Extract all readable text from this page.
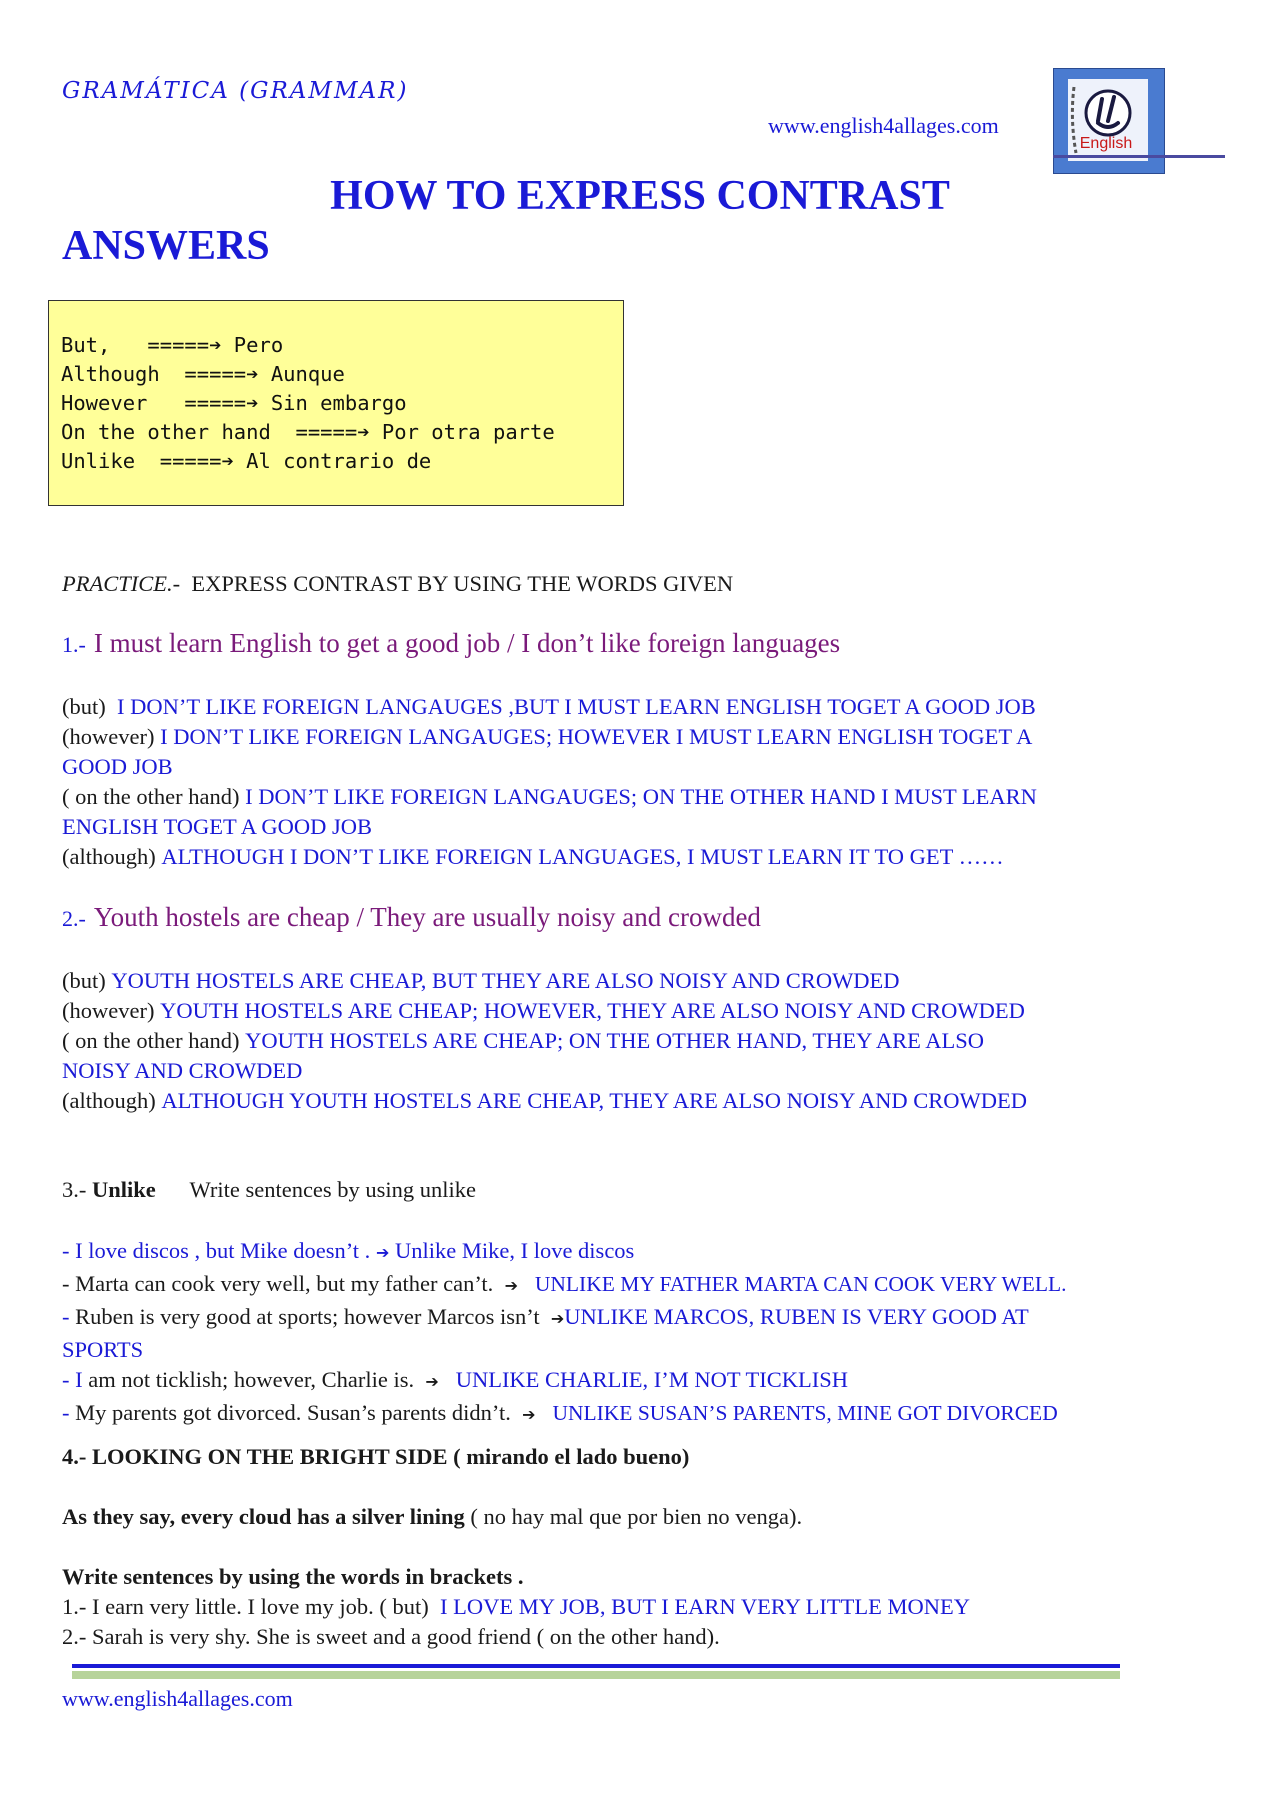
GRAMÁTICA (GRAMMAR)
www.english4allages.com
English
HOW TO EXPRESS CONTRAST
ANSWERS
But,   =====➔ Pero
Although  =====➔ Aunque
However   =====➔ Sin embargo
On the other hand  =====➔ Por otra parte
Unlike  =====➔ Al contrario de
PRACTICE.- EXPRESS CONTRAST BY USING THE WORDS GIVEN
1.- I must learn English to get a good job / I don’t like foreign languages
(but) I DON’T LIKE FOREIGN LANGAUGES ,BUT I MUST LEARN ENGLISH TOGET A GOOD JOB
(however) I DON’T LIKE FOREIGN LANGAUGES; HOWEVER I MUST LEARN ENGLISH TOGET A
GOOD JOB
( on the other hand) I DON’T LIKE FOREIGN LANGAUGES; ON THE OTHER HAND I MUST LEARN
ENGLISH TOGET A GOOD JOB
(although) ALTHOUGH I DON’T LIKE FOREIGN LANGUAGES, I MUST LEARN IT TO GET ……
2.- Youth hostels are cheap / They are usually noisy and crowded
(but) YOUTH HOSTELS ARE CHEAP, BUT THEY ARE ALSO NOISY AND CROWDED
(however) YOUTH HOSTELS ARE CHEAP; HOWEVER, THEY ARE ALSO NOISY AND CROWDED
( on the other hand) YOUTH HOSTELS ARE CHEAP; ON THE OTHER HAND, THEY ARE ALSO
NOISY AND CROWDED
(although) ALTHOUGH YOUTH HOSTELS ARE CHEAP, THEY ARE ALSO NOISY AND CROWDED
3.- Unlike Write sentences by using unlike
- I love discos , but Mike doesn’t . ➔ Unlike Mike, I love discos
- Marta can cook very well, but my father can’t. ➔ UNLIKE MY FATHER MARTA CAN COOK VERY WELL.
- Ruben is very good at sports; however Marcos isn’t ➔UNLIKE MARCOS, RUBEN IS VERY GOOD AT
SPORTS
- I am not ticklish; however, Charlie is. ➔ UNLIKE CHARLIE, I’M NOT TICKLISH
- My parents got divorced. Susan’s parents didn’t. ➔ UNLIKE SUSAN’S PARENTS, MINE GOT DIVORCED
4.- LOOKING ON THE BRIGHT SIDE ( mirando el lado bueno)
As they say, every cloud has a silver lining ( no hay mal que por bien no venga).
Write sentences by using the words in brackets .
1.- I earn very little. I love my job. ( but) I LOVE MY JOB, BUT I EARN VERY LITTLE MONEY
2.- Sarah is very shy. She is sweet and a good friend ( on the other hand).
www.english4allages.com
